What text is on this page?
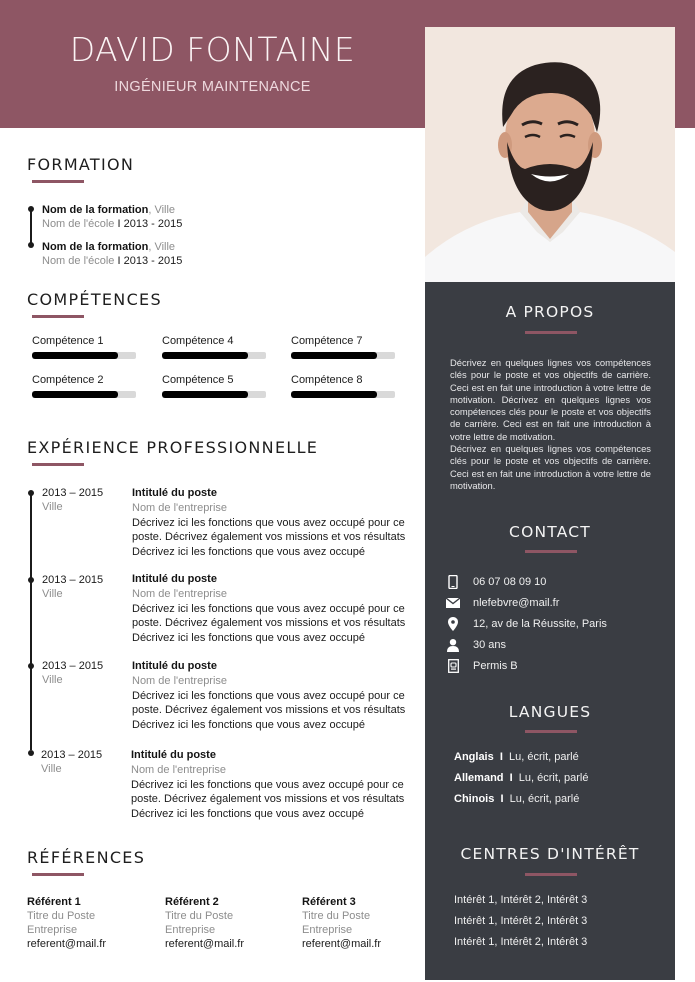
DAVID FONTAINE
INGÉNIEUR MAINTENANCE
FORMATION
Nom de la formation, Ville
Nom de l'école I 2013 - 2015
Nom de la formation, Ville
Nom de l'école I 2013 - 2015
COMPÉTENCES
Compétence 1
Compétence 2
Compétence 4
Compétence 5
Compétence 7
Compétence 8
EXPÉRIENCE PROFESSIONNELLE
2013 – 2015
Ville
Intitulé du poste
Nom de l'entreprise
Décrivez ici les fonctions que vous avez occupé pour ce poste. Décrivez également vos missions et vos résultats Décrivez ici les fonctions que vous avez occupé
2013 – 2015
Ville
Intitulé du poste
Nom de l'entreprise
Décrivez ici les fonctions que vous avez occupé pour ce poste. Décrivez également vos missions et vos résultats Décrivez ici les fonctions que vous avez occupé
2013 – 2015
Ville
Intitulé du poste
Nom de l'entreprise
Décrivez ici les fonctions que vous avez occupé pour ce poste. Décrivez également vos missions et vos résultats Décrivez ici les fonctions que vous avez occupé
2013 – 2015
Ville
Intitulé du poste
Nom de l'entreprise
Décrivez ici les fonctions que vous avez occupé pour ce poste. Décrivez également vos missions et vos résultats Décrivez ici les fonctions que vous avez occupé
RÉFÉRENCES
Référent 1
Titre du Poste
Entreprise
referent@mail.fr
Référent 2
Titre du Poste
Entreprise
referent@mail.fr
Référent 3
Titre du Poste
Entreprise
referent@mail.fr
A PROPOS

Décrivez en quelques lignes vos compétences clés pour le poste et vos objectifs de carrière. Ceci est en fait une introduction à votre lettre de motivation. Décrivez en quelques lignes vos compétences clés pour le poste et vos objectifs de carrière. Ceci est en fait une introduction à votre lettre de motivation.

Décrivez en quelques lignes vos compétences clés pour le poste et vos objectifs de carrière. Ceci est en fait une introduction à votre lettre de motivation.

CONTACT
06 07 08 09 10
nlefebvre@mail.fr
12, av de la Réussite, Paris
30 ans
Permis B
LANGUES
Anglais  I  Lu, écrit, parlé
Allemand  I  Lu, écrit, parlé
Chinois  I  Lu, écrit, parlé
CENTRES D'INTÉRÊT
Intérêt 1, Intérêt 2, Intérêt 3
Intérêt 1, Intérêt 2, Intérêt 3
Intérêt 1, Intérêt 2, Intérêt 3
